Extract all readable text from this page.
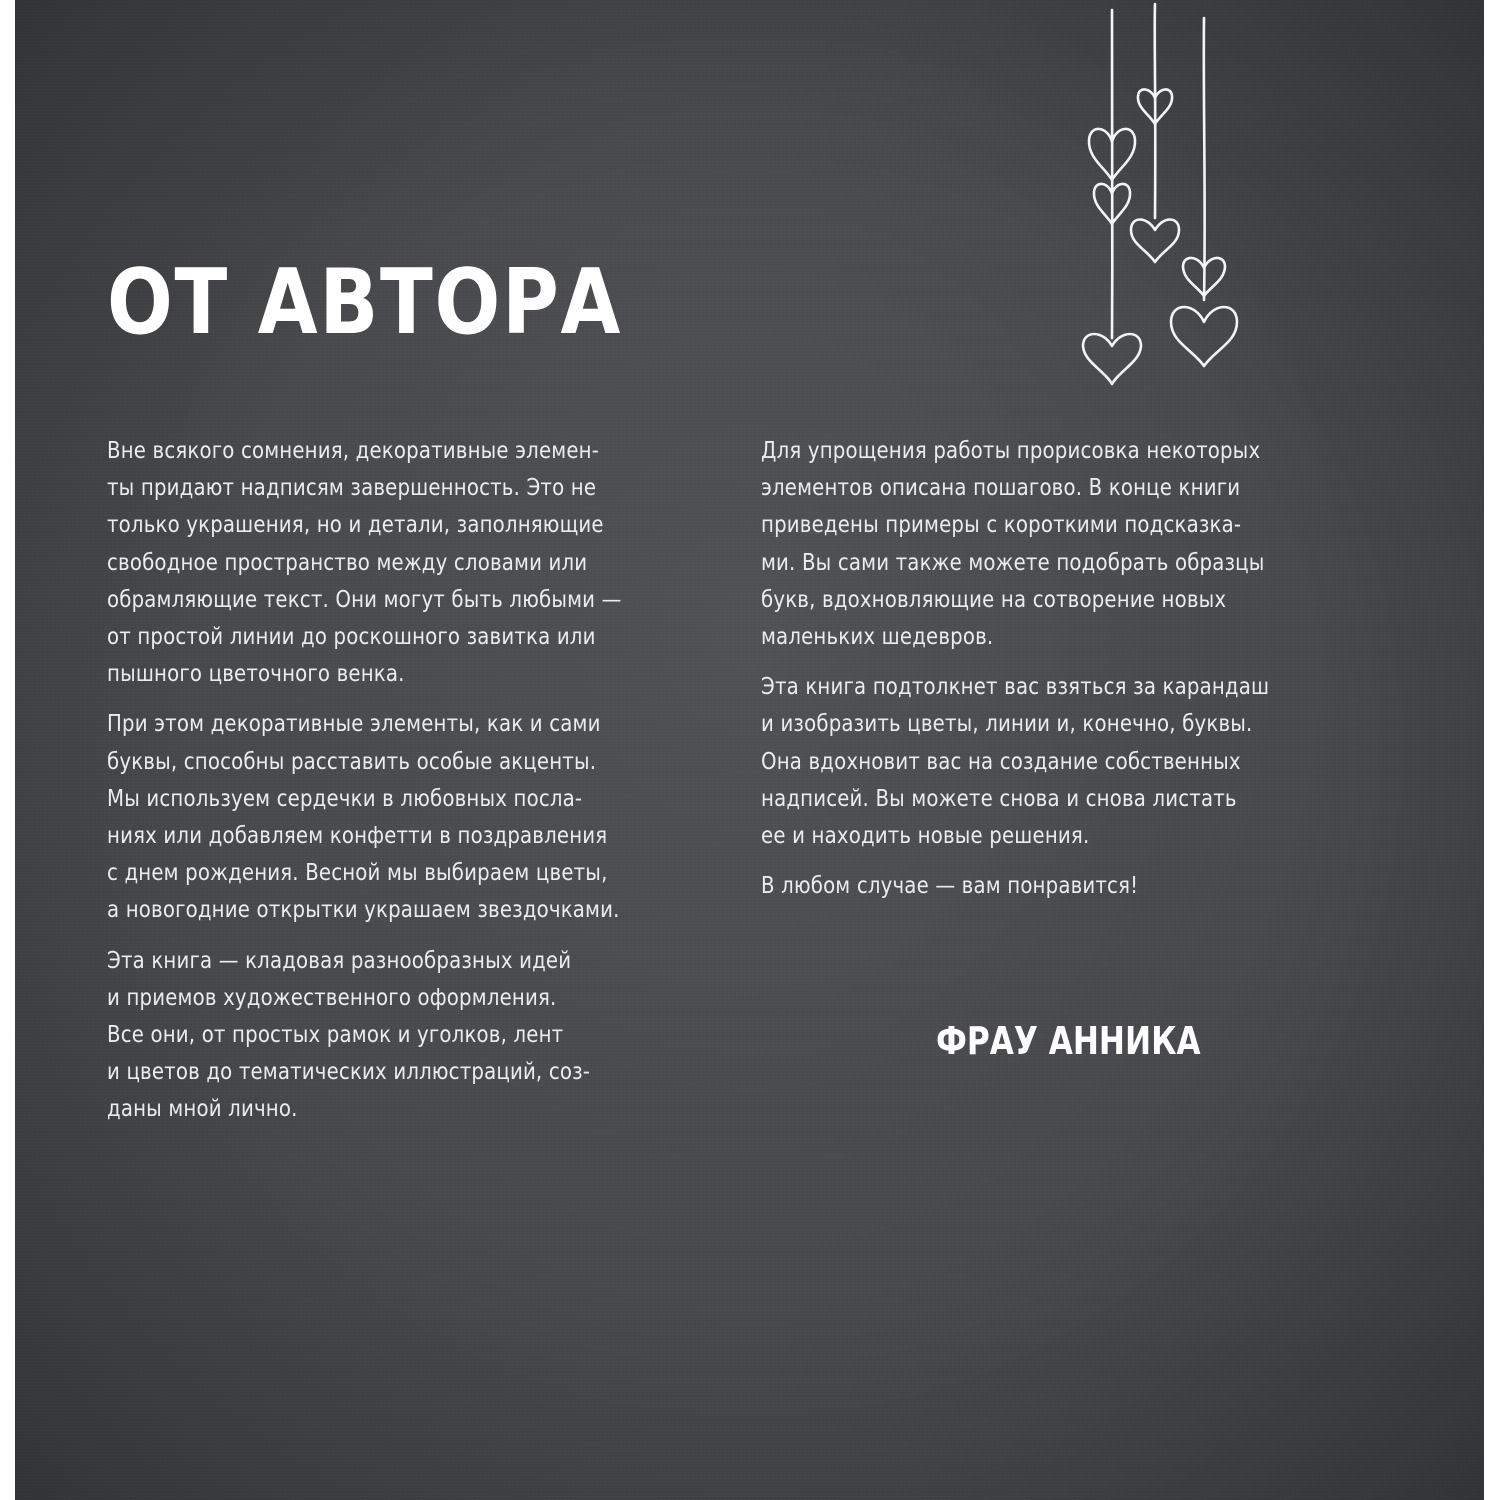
ОТ АВТОРА

Вне всякого сомнения, декоративные элемен-
ты придают надписям завершенность. Это не
только украшения, но и детали, заполняющие
свободное пространство между словами или
обрамляющие текст. Они могут быть любыми —
от простой линии до роскошного завитка или
пышного цветочного венка.

При этом декоративные элементы, как и сами
буквы, способны расставить особые акценты.
Мы используем сердечки в любовных посла-
ниях или добавляем конфетти в поздравления
с днем рождения. Весной мы выбираем цветы,
а новогодние открытки украшаем звездочками.

Эта книга — кладовая разнообразных идей
и приемов художественного оформления.
Все они, от простых рамок и уголков, лент
и цветов до тематических иллюстраций, соз-
даны мной лично.

Для упрощения работы прорисовка некоторых
элементов описана пошагово. В конце книги
приведены примеры с короткими подсказка-
ми. Вы сами также можете подобрать образцы
букв, вдохновляющие на сотворение новых
маленьких шедевров.

Эта книга подтолкнет вас взяться за карандаш
и изобразить цветы, линии и, конечно, буквы.
Она вдохновит вас на создание собственных
надписей. Вы можете снова и снова листать
ее и находить новые решения.

В любом случае — вам понравится!

ФРАУ АННИКА
